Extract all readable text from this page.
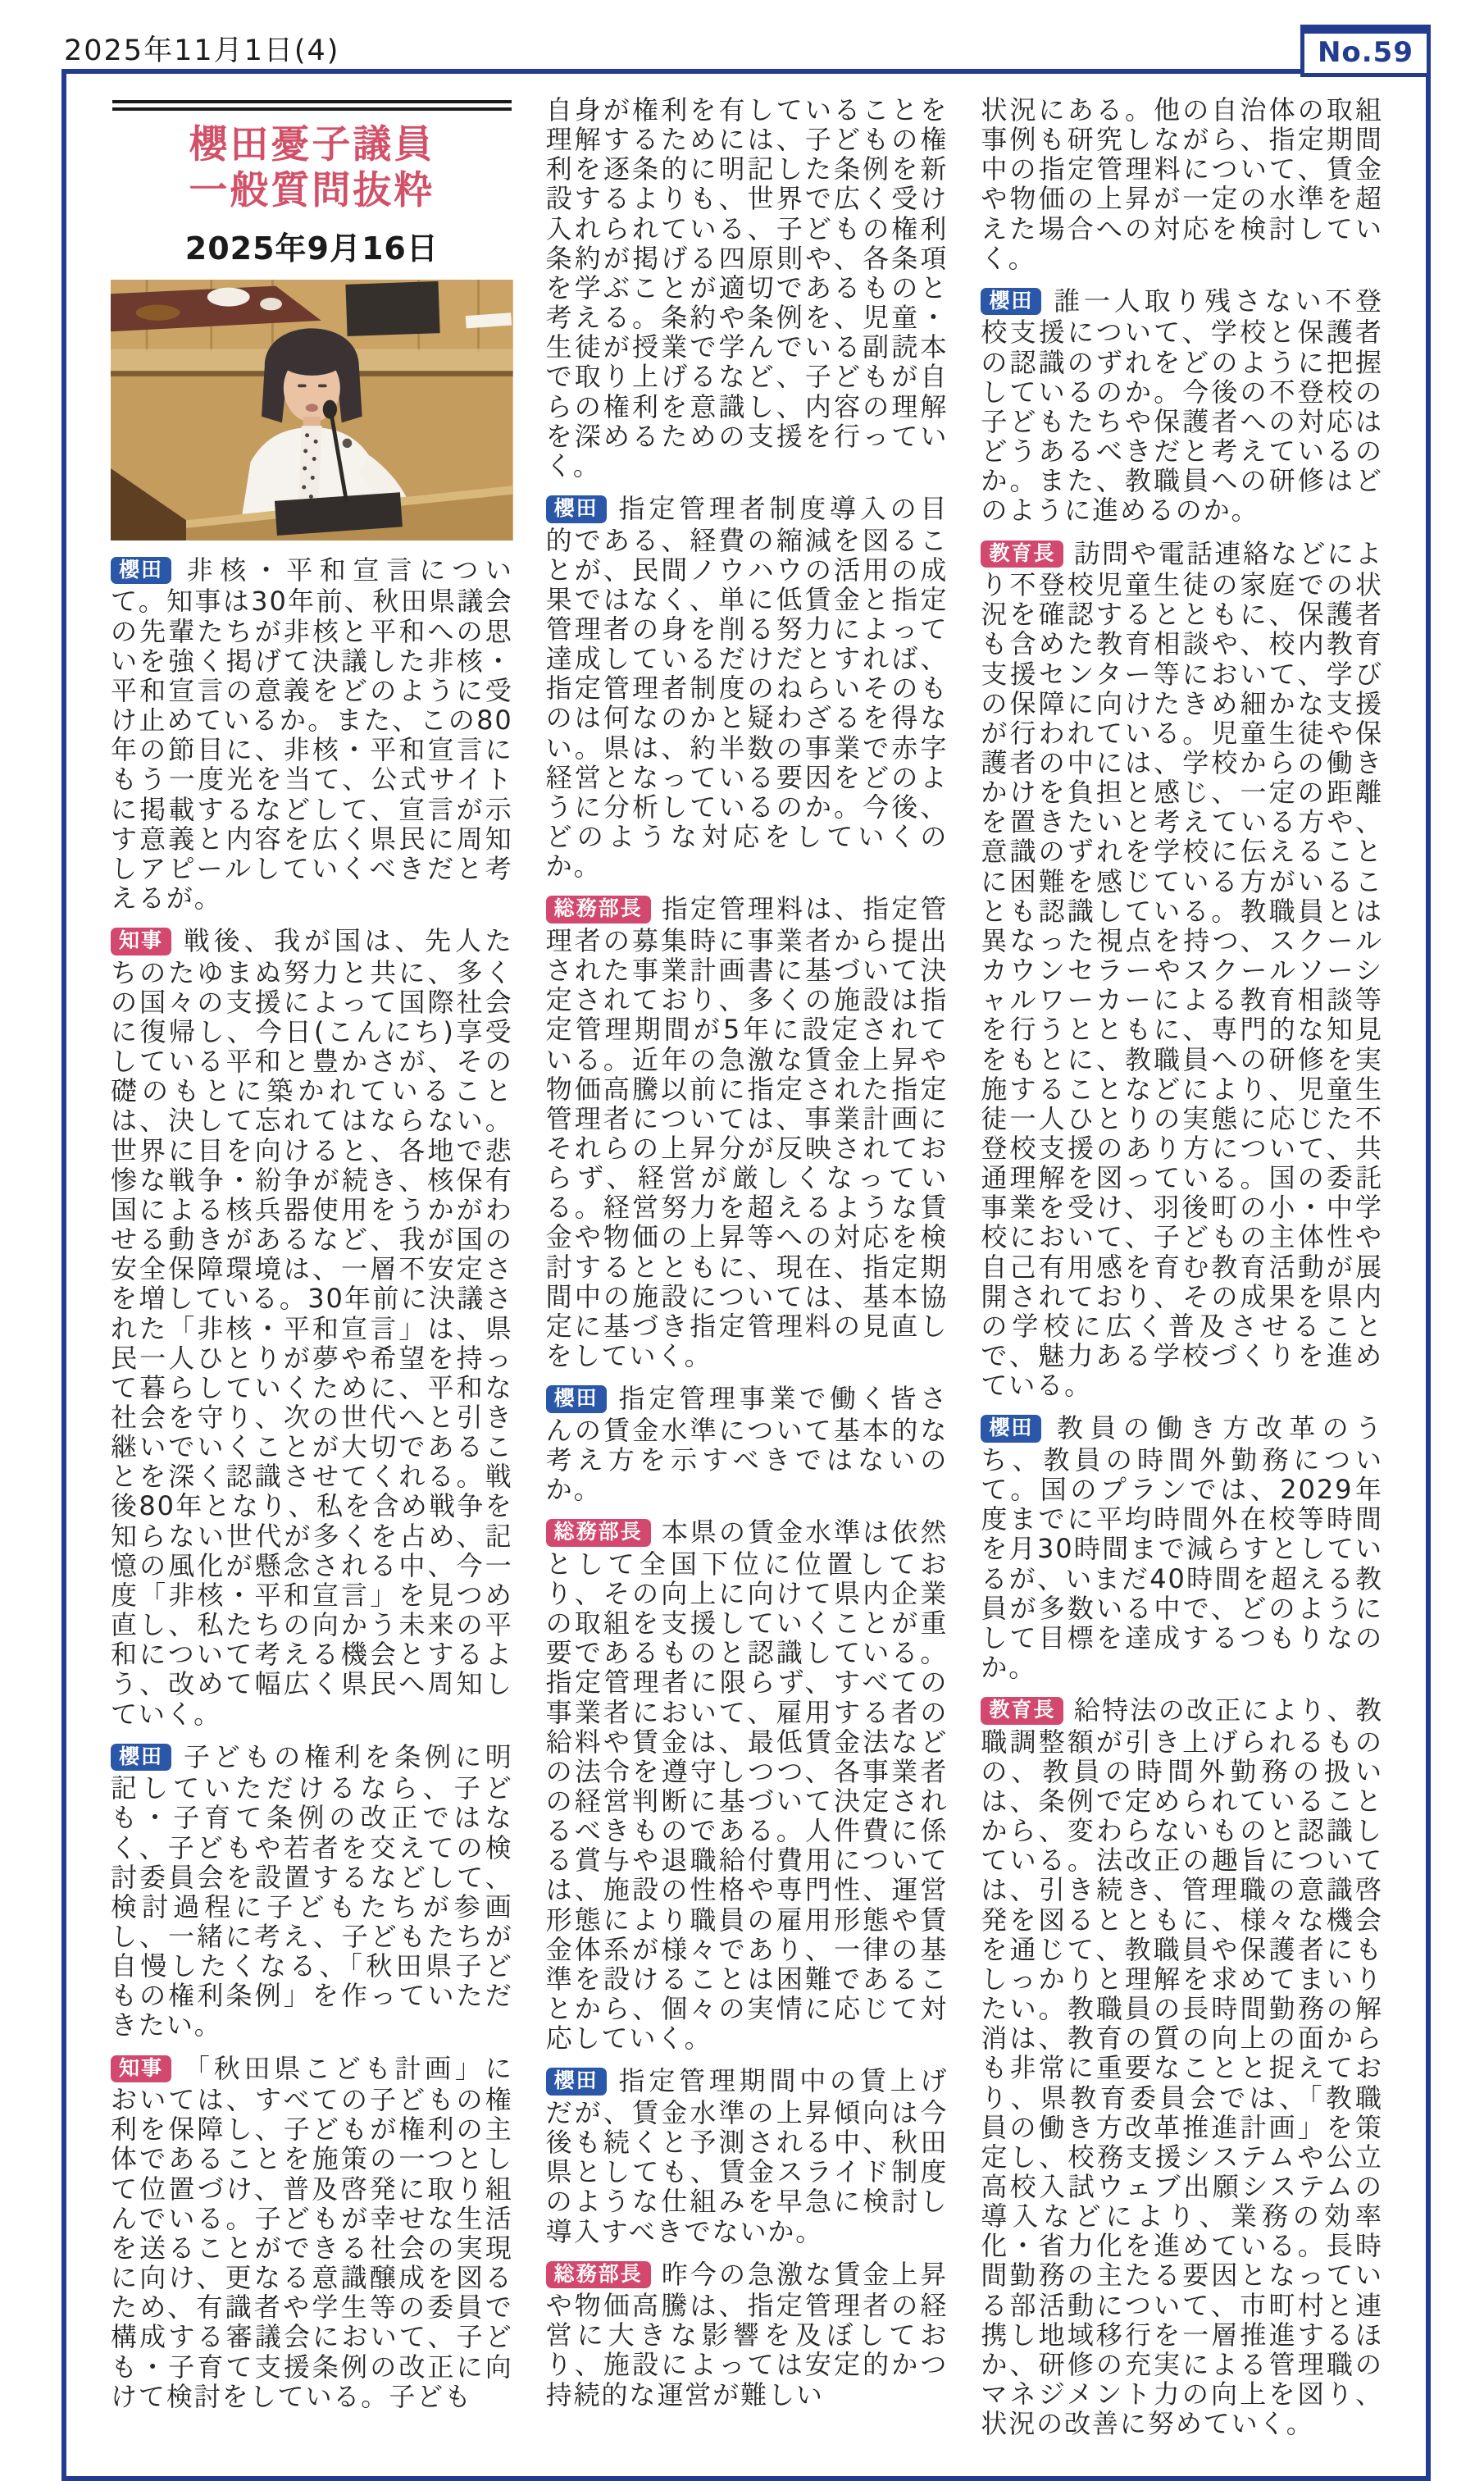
2025年11月1日(4)	No.59
櫻田憂子議員
一般質問抜粋
2025年9月16日

櫻田 非核・平和宣言について。知事は30年前、秋田県議会の先輩たちが非核と平和への思いを強く掲げて決議した非核・平和宣言の意義をどのように受け止めているか。また、この80年の節目に、非核・平和宣言にもう一度光を当て、公式サイトに掲載するなどして、宣言が示す意義と内容を広く県民に周知しアピールしていくべきだと考えるが。

知事 戦後、我が国は、先人たちのたゆまぬ努力と共に、多くの国々の支援によって国際社会に復帰し、今日(こんにち)享受している平和と豊かさが、その礎のもとに築かれていることは、決して忘れてはならない。世界に目を向けると、各地で悲惨な戦争・紛争が続き、核保有国による核兵器使用をうかがわせる動きがあるなど、我が国の安全保障環境は、一層不安定さを増している。30年前に決議された「非核・平和宣言」は、県民一人ひとりが夢や希望を持って暮らしていくために、平和な社会を守り、次の世代へと引き継いでいくことが大切であることを深く認識させてくれる。戦後80年となり、私を含め戦争を知らない世代が多くを占め、記憶の風化が懸念される中、今一度「非核・平和宣言」を見つめ直し、私たちの向かう未来の平和について考える機会とするよう、改めて幅広く県民へ周知していく。

櫻田 子どもの権利を条例に明記していただけるなら、子ども・子育て条例の改正ではなく、子どもや若者を交えての検討委員会を設置するなどして、検討過程に子どもたちが参画し、一緒に考え、子どもたちが自慢したくなる、「秋田県子どもの権利条例」を作っていただきたい。

知事 「秋田県こども計画」においては、すべての子どもの権利を保障し、子どもが権利の主体であることを施策の一つとして位置づけ、普及啓発に取り組んでいる。子どもが幸せな生活を送ることができる社会の実現に向け、更なる意識醸成を図るため、有識者や学生等の委員で構成する審議会において、子ども・子育て支援条例の改正に向けて検討をしている。子ども

自身が権利を有していることを理解するためには、子どもの権利を逐条的に明記した条例を新設するよりも、世界で広く受け入れられている、子どもの権利条約が掲げる四原則や、各条項を学ぶことが適切であるものと考える。条約や条例を、児童・生徒が授業で学んでいる副読本で取り上げるなど、子どもが自らの権利を意識し、内容の理解を深めるための支援を行っていく。

櫻田 指定管理者制度導入の目的である、経費の縮減を図ることが、民間ノウハウの活用の成果ではなく、単に低賃金と指定管理者の身を削る努力によって達成しているだけだとすれば、指定管理者制度のねらいそのものは何なのかと疑わざるを得ない。県は、約半数の事業で赤字経営となっている要因をどのように分析しているのか。今後、どのような対応をしていくのか。

総務部長 指定管理料は、指定管理者の募集時に事業者から提出された事業計画書に基づいて決定されており、多くの施設は指定管理期間が5年に設定されている。近年の急激な賃金上昇や物価高騰以前に指定された指定管理者については、事業計画にそれらの上昇分が反映されておらず、経営が厳しくなっている。経営努力を超えるような賃金や物価の上昇等への対応を検討するとともに、現在、指定期間中の施設については、基本協定に基づき指定管理料の見直しをしていく。

櫻田 指定管理事業で働く皆さんの賃金水準について基本的な考え方を示すべきではないのか。

総務部長 本県の賃金水準は依然として全国下位に位置しており、その向上に向けて県内企業の取組を支援していくことが重要であるものと認識している。指定管理者に限らず、すべての事業者において、雇用する者の給料や賃金は、最低賃金法などの法令を遵守しつつ、各事業者の経営判断に基づいて決定されるべきものである。人件費に係る賞与や退職給付費用については、施設の性格や専門性、運営形態により職員の雇用形態や賃金体系が様々であり、一律の基準を設けることは困難であることから、個々の実情に応じて対応していく。

櫻田 指定管理期間中の賃上げだが、賃金水準の上昇傾向は今後も続くと予測される中、秋田県としても、賃金スライド制度のような仕組みを早急に検討し導入すべきでないか。

総務部長 昨今の急激な賃金上昇や物価高騰は、指定管理者の経営に大きな影響を及ぼしており、施設によっては安定的かつ持続的な運営が難しい

状況にある。他の自治体の取組事例も研究しながら、指定期間中の指定管理料について、賃金や物価の上昇が一定の水準を超えた場合への対応を検討していく。

櫻田 誰一人取り残さない不登校支援について、学校と保護者の認識のずれをどのように把握しているのか。今後の不登校の子どもたちや保護者への対応はどうあるべきだと考えているのか。また、教職員への研修はどのように進めるのか。

教育長 訪問や電話連絡などにより不登校児童生徒の家庭での状況を確認するとともに、保護者も含めた教育相談や、校内教育支援センター等において、学びの保障に向けたきめ細かな支援が行われている。児童生徒や保護者の中には、学校からの働きかけを負担と感じ、一定の距離を置きたいと考えている方や、意識のずれを学校に伝えることに困難を感じている方がいることも認識している。教職員とは異なった視点を持つ、スクールカウンセラーやスクールソーシャルワーカーによる教育相談等を行うとともに、専門的な知見をもとに、教職員への研修を実施することなどにより、児童生徒一人ひとりの実態に応じた不登校支援のあり方について、共通理解を図っている。国の委託事業を受け、羽後町の小・中学校において、子どもの主体性や自己有用感を育む教育活動が展開されており、その成果を県内の学校に広く普及させることで、魅力ある学校づくりを進めている。

櫻田 教員の働き方改革のうち、教員の時間外勤務について。国のプランでは、2029年度までに平均時間外在校等時間を月30時間まで減らすとしているが、いまだ40時間を超える教員が多数いる中で、どのようにして目標を達成するつもりなのか。

教育長 給特法の改正により、教職調整額が引き上げられるものの、教員の時間外勤務の扱いは、条例で定められていることから、変わらないものと認識している。法改正の趣旨については、引き続き、管理職の意識啓発を図るとともに、様々な機会を通じて、教職員や保護者にもしっかりと理解を求めてまいりたい。教職員の長時間勤務の解消は、教育の質の向上の面からも非常に重要なことと捉えており、県教育委員会では、「教職員の働き方改革推進計画」を策定し、校務支援システムや公立高校入試ウェブ出願システムの導入などにより、業務の効率化・省力化を進めている。長時間勤務の主たる要因となっている部活動について、市町村と連携し地域移行を一層推進するほか、研修の充実による管理職のマネジメント力の向上を図り、状況の改善に努めていく。
